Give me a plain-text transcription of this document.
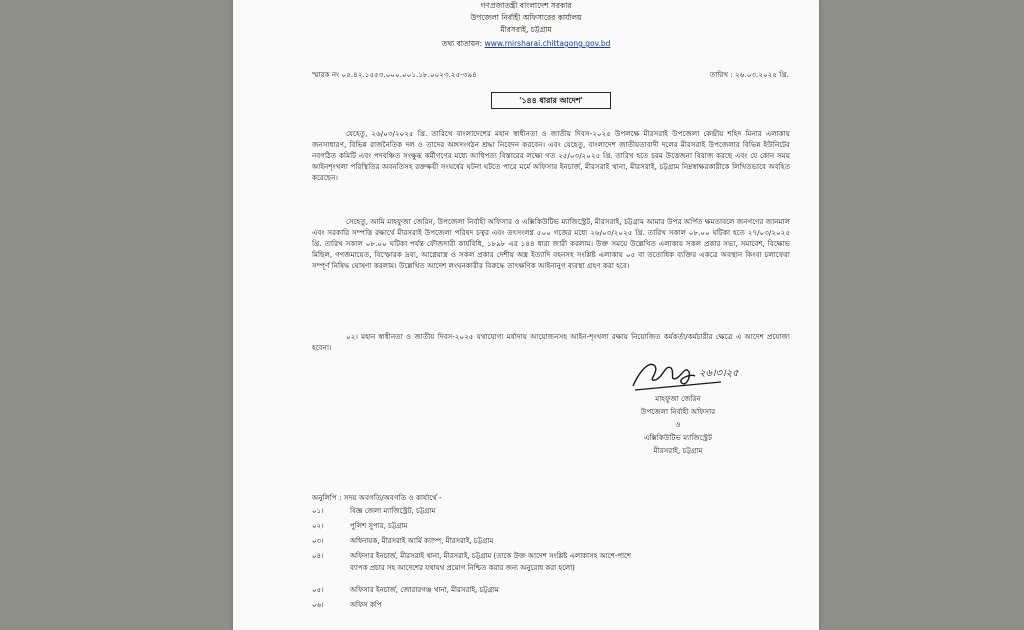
গণপ্রজাতন্ত্রী বাংলাদেশ সরকার
উপজেলা নির্বাহী অফিসারের কার্যালয়
মীরসরাই, চট্টগ্রাম
তথ্য বাতায়ন: www.mirsharai.chittagong.gov.bd
স্মারক নং ০৫.৪২.১৫৫৩.০০০.০০১.১৮.০০২৩.২৫-৩৯৪	তারিখ : ২৬.০৩.২০২৫ খ্রি.
'১৪৪ ধারার আদেশ'
যেহেতু, ২৬/০৩/২০২৫ খ্রি. তারিখে বাংলাদেশের মহান স্বাধীনতা ও জাতীয় দিবস-২০২৫ উপলক্ষে মীরসরাই উপজেলা কেন্দ্রীয় শহিদ মিনার এলাকায় জনসাধারণ, বিভিন্ন রাজনৈতিক দল ও তাদের অঙ্গসংগঠন শ্রদ্ধা নিবেদন করবেন। এবং যেহেতু, বাংলাদেশ জাতীয়তাবাদী দলের মীরসরাই উপজেলার বিভিন্ন ইউনিটের নবগঠিত কমিটি এবং পদবঞ্চিত সংক্ষুব্ধ কর্মীগণের মধ্যে আধিপত্য বিস্তারের লক্ষ্যে গত ২৫/০৩/২০২৫ খ্রি. তারিখ হতে চরম উত্তেজনা বিরাজ করছে এবং যে কোন সময় আইনশৃংখলা পরিস্থিতির অবনতিসহ রক্তক্ষয়ী সংঘর্ষের ঘটনা ঘটতে পারে মর্মে অফিসার ইনচার্জ, মীরসরাই থানা, মীরসরাই, চট্টগ্রাম নিম্নস্বাক্ষরকারীকে লিখিতভাবে অবহিত করেছেন।
সেহেতু, আমি মাহফুজা জেরিন, উপজেলা নির্বাহী অফিসার ও এক্সিকিউটিভ ম্যাজিস্ট্রেট, মীরসরাই, চট্টগ্রাম আমার উপর অর্পিত ক্ষমতাবলে জনগণের জানমাল এবং সরকারি সম্পত্তি রক্ষার্থে মীরসরাই উপজেলা পরিষদ চত্বর এবং তৎসংলগ্ন ৫০০ গজের মধ্যে ২৬/০৩/২০২৫ খ্রি. তারিখ সকাল ০৮.০০ ঘটিকা হতে ২৭/০৩/২০২৫ খ্রি. তারিখ সকাল ০৮.০০ ঘটিকা পর্যন্ত ফৌজদারী কার্যবিধি, ১৮৯৮ এর ১৪৪ ধারা জারী করলাম। উক্ত সময়ে উল্লেখিত এলাকায় সকল প্রকার সভা, সমাবেশ, বিক্ষোভ মিছিল, গণজমায়েত, বিস্ফোরক দ্রব্য, আগ্নেয়াস্ত্র ও সকল প্রকার দেশীয় অস্ত্র ইত্যাদি বহনসহ সংশ্লিষ্ট এলাকায় ০৫ বা ততোধিক ব্যক্তির একত্রে অবস্থান কিংবা চলাফেরা সম্পূর্ণ নিষিদ্ধ ঘোষণা করলাম। উল্লেখিত আদেশ লংঘনকারীর বিরুদ্ধে তাৎক্ষণিক আইনানুগ ব্যবস্থা গ্রহণ করা হবে।
০২। মহান স্বাধীনতা ও জাতীয় দিবস-২০২৫ যথাযোগ্য মর্যাদায় আয়োজনসহ আইন-শৃংখলা রক্ষায় নিয়োজিত কর্মকর্তা/কর্মচারীর ক্ষেত্রে এ আদেশ প্রযোজ্য হবেনা।
২৬।৩।২৫
মাহফুজা জেরিন
উপজেলা নির্বাহী অফিসার
ও
এক্সিকিউটিভ ম্যাজিস্ট্রেট
মীরসরাই, চট্টগ্রাম
অনুলিপি : সদয় অবগতি/অবগতি ও কার্যার্থে -
০১।	বিজ্ঞ জেলা ম্যাজিস্ট্রেট, চট্টগ্রাম
০২।	পুলিশ সুপার, চট্টগ্রাম
০৩।	অধিনায়ক, মীরসরাই আর্মি ক্যাম্প, মীরসরাই, চট্টগ্রাম
০৪।	অফিসার ইনচার্জ, মীরসরাই থানা, মীরসরাই, চট্টগ্রাম (তাকে উক্ত আদেশ সংশ্লিষ্ট এলাকাসহ আশে-পাশে
ব্যাপক প্রচার সহ আদেশের যথাযথ প্রয়োগ নিশ্চিত করার জন্য অনুরোধ করা হলো)
০৫।	অফিসার ইনচার্জ, জোরারগঞ্জ থানা, মীরসরাই, চট্টগ্রাম
০৬।	অফিস কপি
